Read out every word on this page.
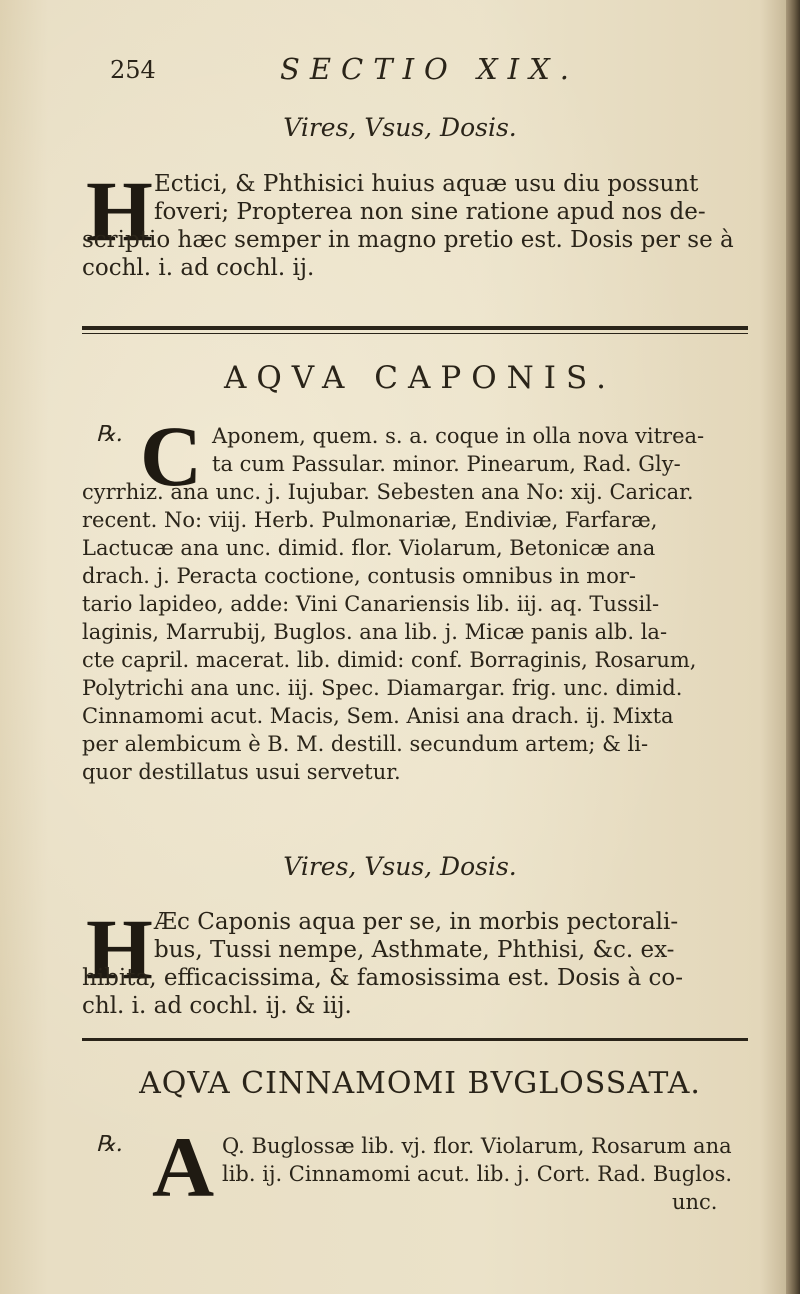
254	SECTIO XIX.
Vires, Vsus, Dosis.
H Ectici, & Phthisici huius aquæ usu diu possunt
foveri; Propterea non sine ratione apud nos de-
scriptio hæc semper in magno pretio est. Dosis per se à
cochl. i. ad cochl. ij.
AQVA CAPONIS.
℞. C Aponem, quem. s. a. coque in olla nova vitrea-
ta cum Passular. minor. Pinearum, Rad. Gly-
cyrrhiz. ana unc. j. Iujubar. Sebesten ana No: xij. Caricar.
recent. No: viij. Herb. Pulmonariæ, Endiviæ, Farfaræ,
Lactucæ ana unc. dimid. flor. Violarum, Betonicæ ana
drach. j. Peracta coctione, contusis omnibus in mor-
tario lapideo, adde: Vini Canariensis lib. iij. aq. Tussil-
laginis, Marrubij, Buglos. ana lib. j. Micæ panis alb. la-
cte capril. macerat. lib. dimid: conf. Borraginis, Rosarum,
Polytrichi ana unc. iij. Spec. Diamargar. frig. unc. dimid.
Cinnamomi acut. Macis, Sem. Anisi ana drach. ij. Mixta
per alembicum è B. M. destill. secundum artem; & li-
quor destillatus usui servetur.
Vires, Vsus, Dosis.
H Æc Caponis aqua per se, in morbis pectorali-
bus, Tussi nempe, Asthmate, Phthisi, &c. ex-
hibita, efficacissima, & famosissima est. Dosis à co-
chl. i. ad cochl. ij. & iij.
AQVA CINNAMOMI BVGLOSSATA.
℞. A Q. Buglossæ lib. vj. flor. Violarum, Rosarum ana
lib. ij. Cinnamomi acut. lib. j. Cort. Rad. Buglos.
unc.
